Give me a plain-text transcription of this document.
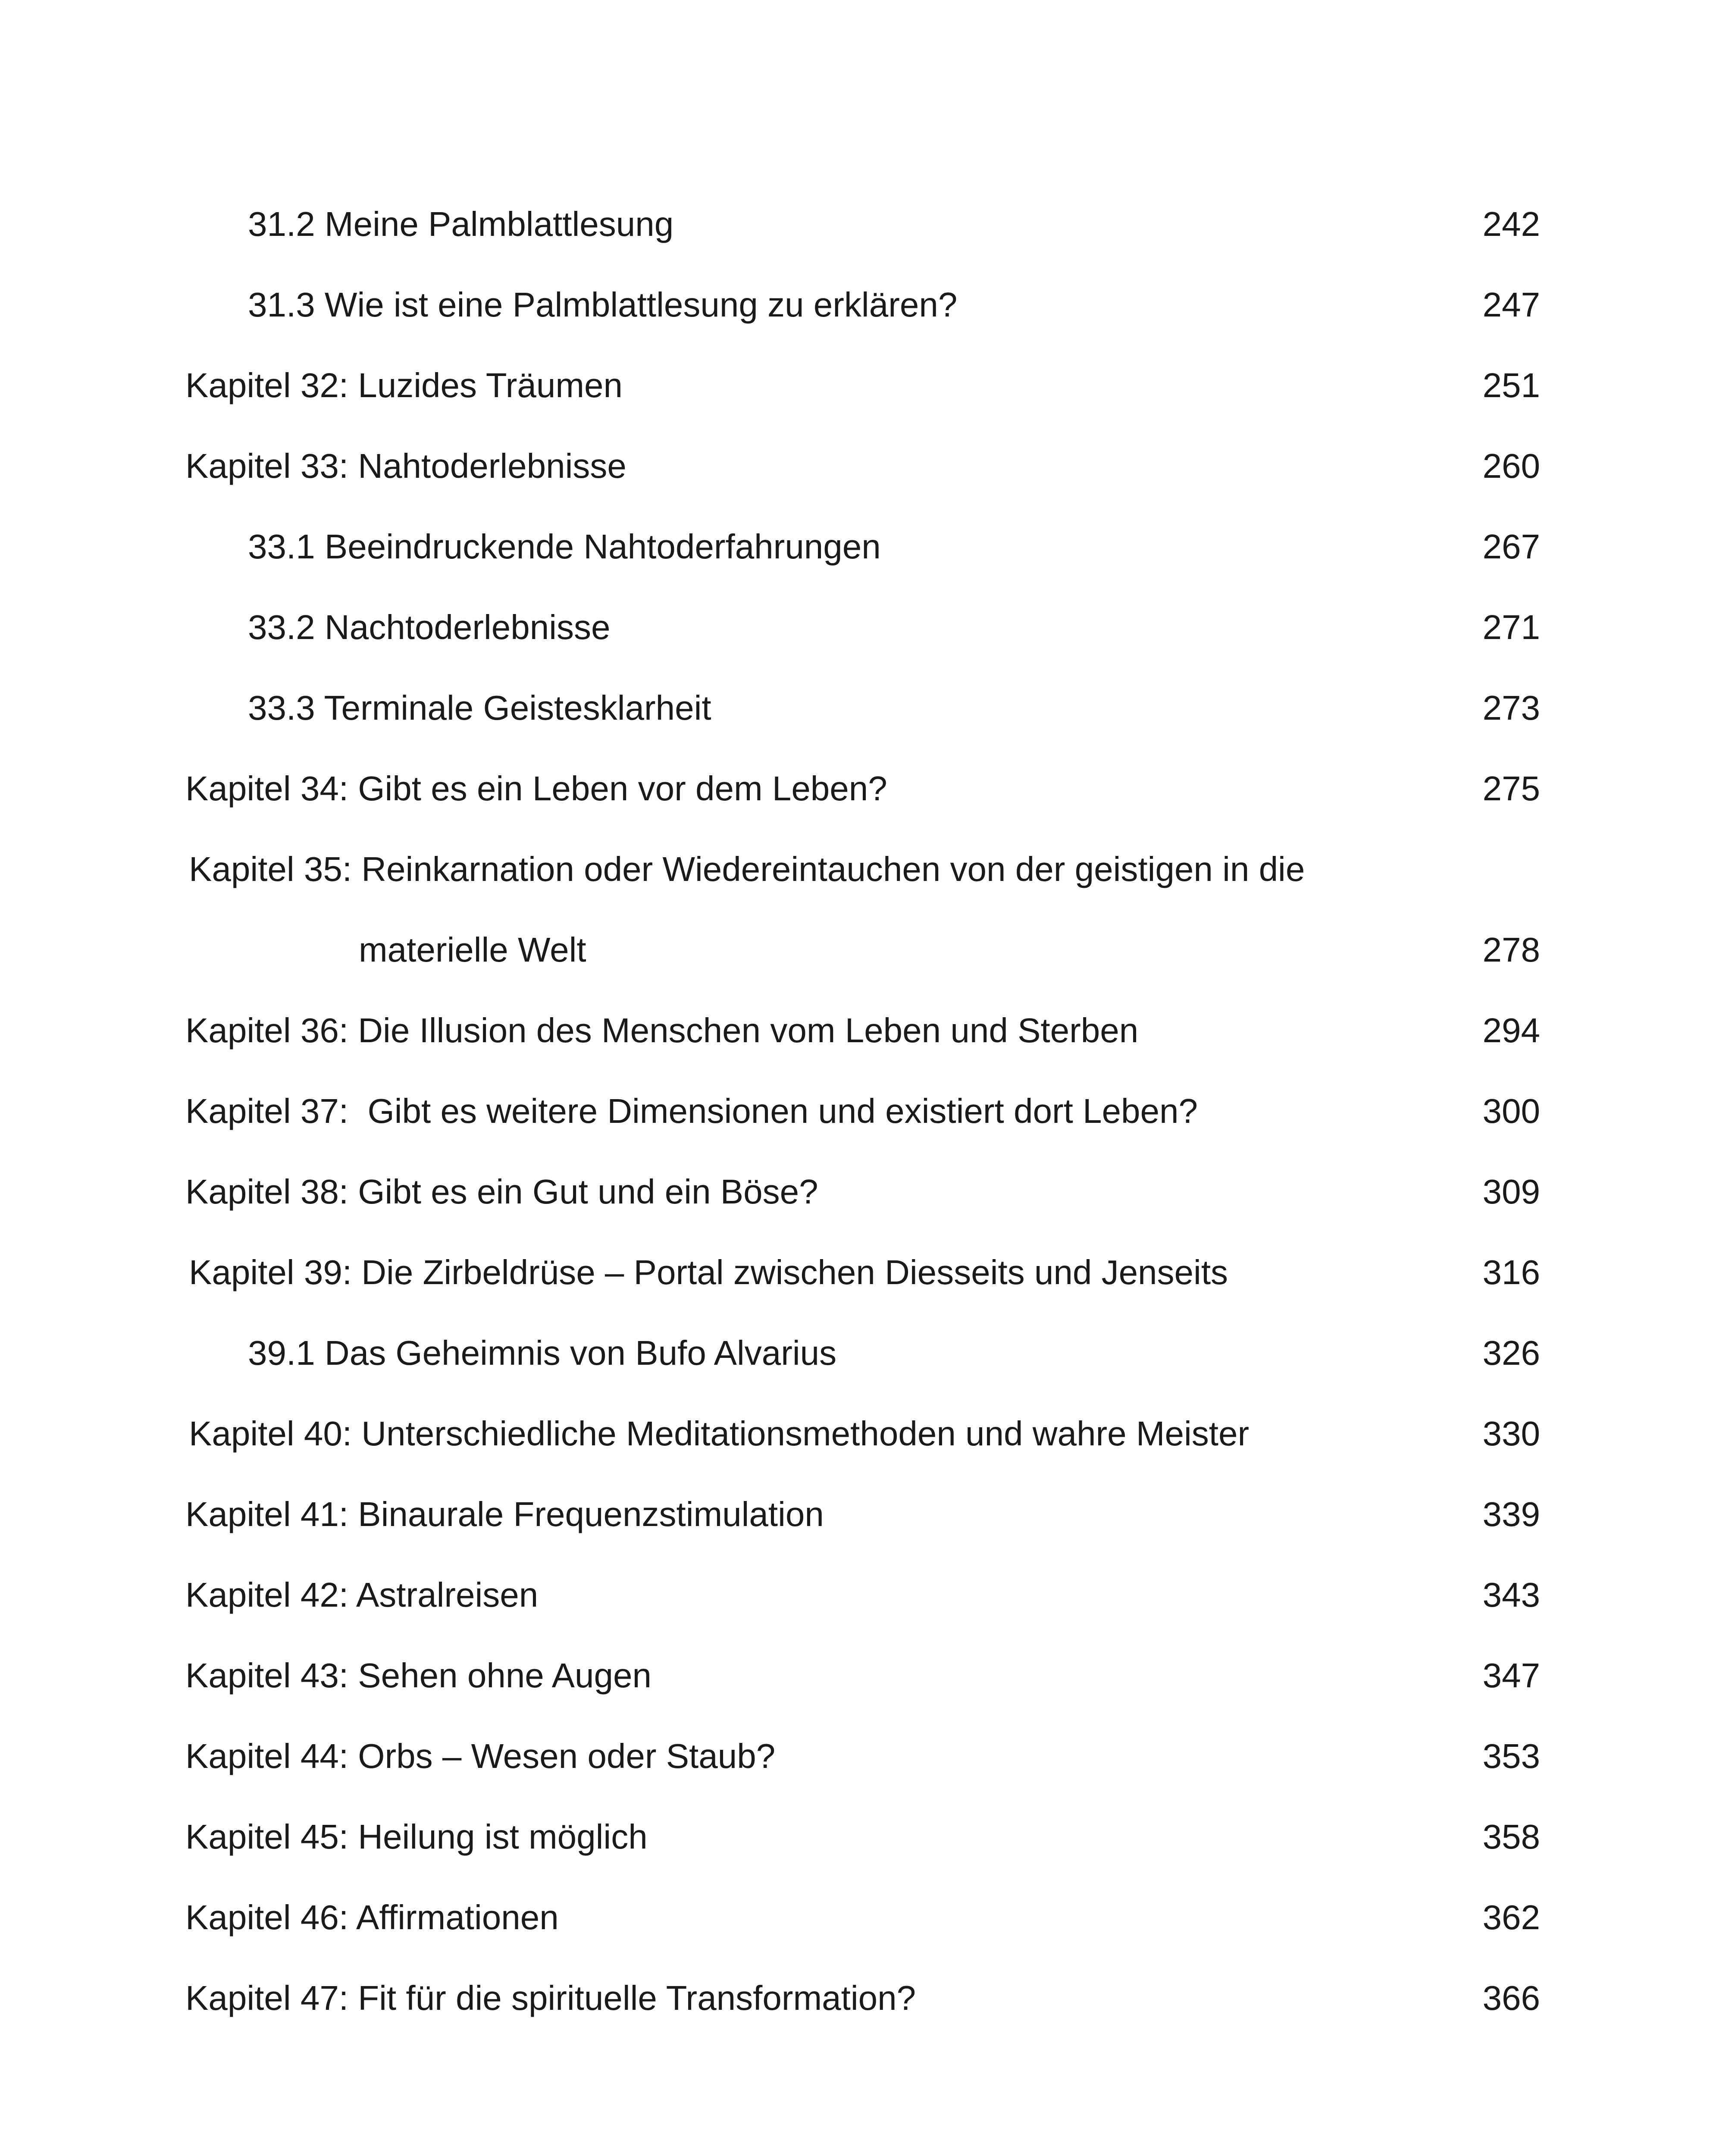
31.2 Meine Palmblattlesung	242
31.3 Wie ist eine Palmblattlesung zu erklären?	247
Kapitel 32: Luzides Träumen	251
Kapitel 33: Nahtoderlebnisse	260
33.1 Beeindruckende Nahtoderfahrungen	267
33.2 Nachtoderlebnisse	271
33.3 Terminale Geistesklarheit	273
Kapitel 34: Gibt es ein Leben vor dem Leben?	275
Kapitel 35: Reinkarnation oder Wiedereintauchen von der geistigen in die
materielle Welt	278
Kapitel 36: Die Illusion des Menschen vom Leben und Sterben	294
Kapitel 37:  Gibt es weitere Dimensionen und existiert dort Leben?	300
Kapitel 38: Gibt es ein Gut und ein Böse?	309
Kapitel 39: Die Zirbeldrüse – Portal zwischen Diesseits und Jenseits	316
39.1 Das Geheimnis von Bufo Alvarius	326
Kapitel 40: Unterschiedliche Meditationsmethoden und wahre Meister	330
Kapitel 41: Binaurale Frequenzstimulation	339
Kapitel 42: Astralreisen	343
Kapitel 43: Sehen ohne Augen	347
Kapitel 44: Orbs – Wesen oder Staub?	353
Kapitel 45: Heilung ist möglich	358
Kapitel 46: Affirmationen	362
Kapitel 47: Fit für die spirituelle Transformation?	366
